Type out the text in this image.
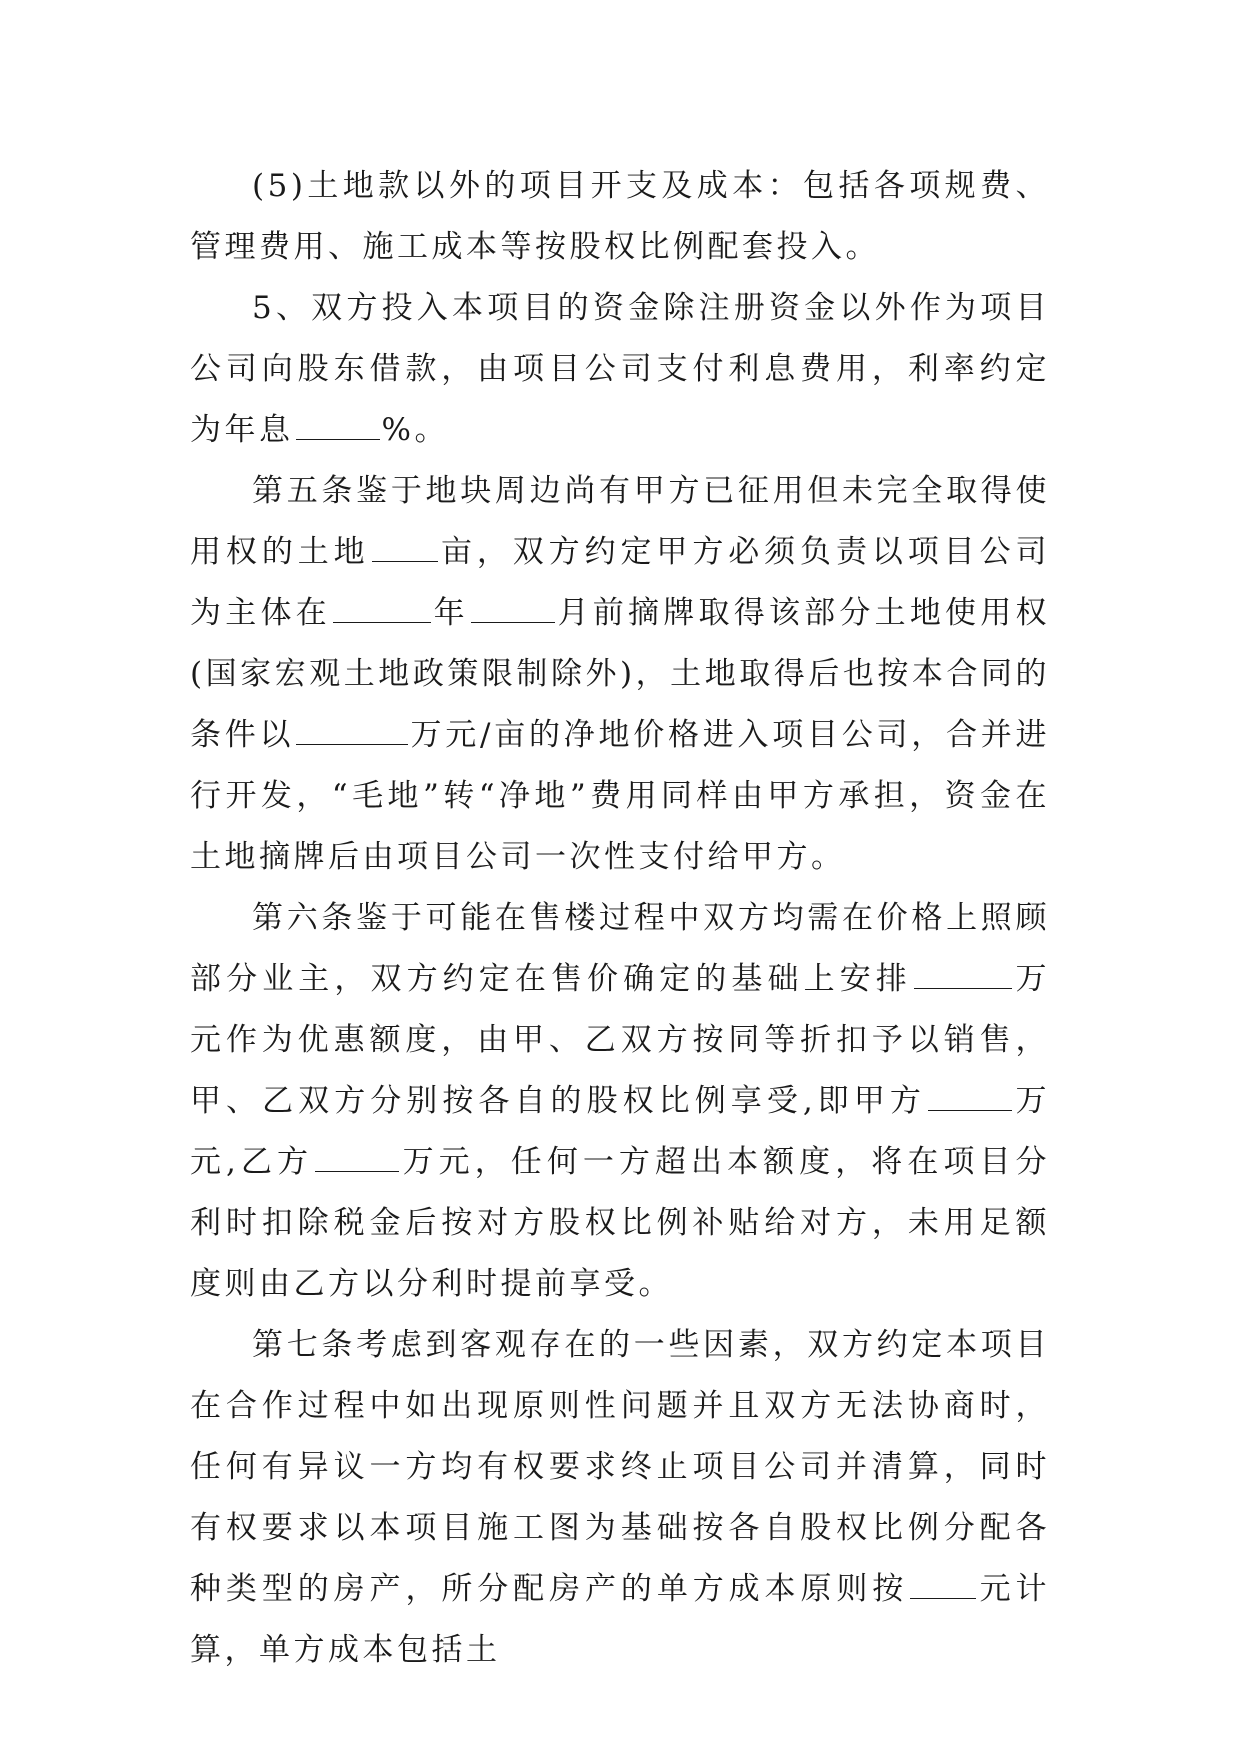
(5)土地款以外的项目开支及成本：包括各项规费、管理费用、施工成本等按股权比例配套投入。

5、双方投入本项目的资金除注册资金以外作为项目公司向股东借款，由项目公司支付利息费用，利率约定为年息	%。

第五条鉴于地块周边尚有甲方已征用但未完全取得使用权的土地 亩，双方约定甲方必须负责以项目公司为主体在	年	月前摘牌取得该部分土地使用权(国家宏观土地政策限制除外)，土地取得后也按本合同的条件以	万元/亩的净地价格进入项目公司，合并进行开发，“毛地”转“净地”费用同样由甲方承担，资金在土地摘牌后由项目公司一次性支付给甲方。

第六条鉴于可能在售楼过程中双方均需在价格上照顾部分业主，双方约定在售价确定的基础上安排	万元作为优惠额度，由甲、乙双方按同等折扣予以销售，甲、乙双方分别按各自的股权比例享受,即甲方	万元,乙方	万元，任何一方超出本额度，将在项目分利时扣除税金后按对方股权比例补贴给对方，未用足额度则由乙方以分利时提前享受。

第七条考虑到客观存在的一些因素，双方约定本项目在合作过程中如出现原则性问题并且双方无法协商时，任何有异议一方均有权要求终止项目公司并清算，同时有权要求以本项目施工图为基础按各自股权比例分配各种类型的房产，所分配房产的单方成本原则按 元计算，单方成本包括土
